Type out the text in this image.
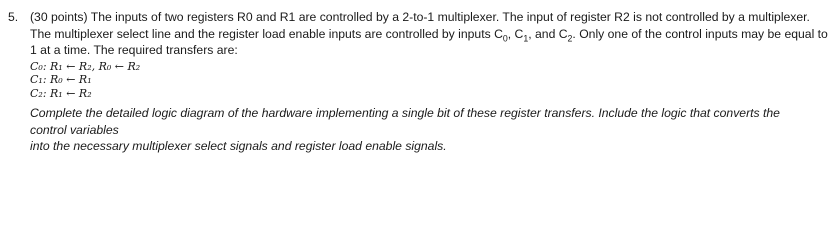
5. (30 points) The inputs of two registers R0 and R1 are controlled by a 2-to-1 multiplexer. The input of register R2 is not controlled by a multiplexer.
The multiplexer select line and the register load enable inputs are controlled by inputs $C_0$, $C_1$, and $C_2$. Only one of the control inputs may be equal to
1 at a time. The required transfers are:
C₀: R₁ ← R₂, R₀ ← R₂
C₁: R₀ ← R₁
C₂: R₁ ← R₂
Complete the detailed logic diagram of the hardware implementing a single bit of these register transfers. Include the logic that converts the control variables
into the necessary multiplexer select signals and register load enable signals.
